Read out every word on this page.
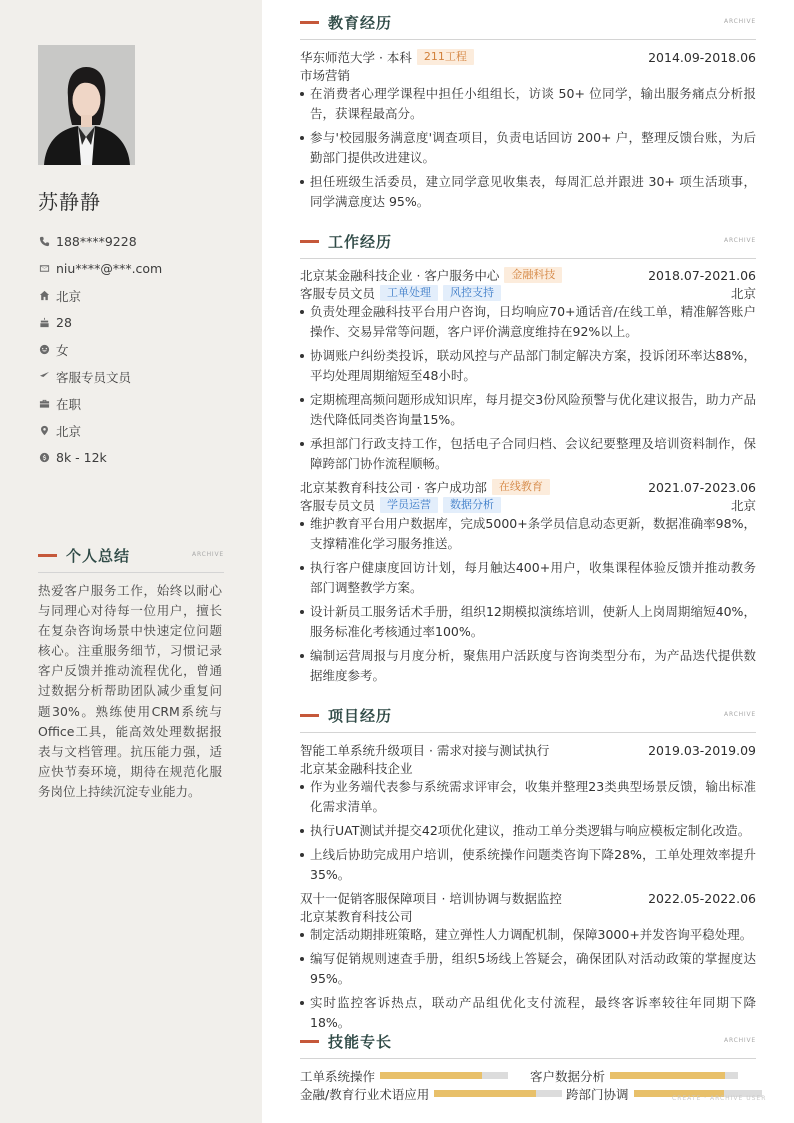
苏静静
188****9228
niu****@***.com
北京
28
女
客服专员文员
在职
北京
8k - 12k
个人总结	ARCHIVE
热爱客户服务工作，始终以耐心与同理心对待每一位用户，擅长在复杂咨询场景中快速定位问题核心。注重服务细节，习惯记录客户反馈并推动流程优化，曾通过数据分析帮助团队减少重复问题30%。熟练使用CRM系统与Office工具，能高效处理数据报表与文档管理。抗压能力强，适应快节奏环境，期待在规范化服务岗位上持续沉淀专业能力。
教育经历	ARCHIVE
华东师范大学 · 本科	211工程	2014.09-2018.06
市场营销
在消费者心理学课程中担任小组组长，访谈 50+ 位同学，输出服务痛点分析报告，获课程最高分。
参与'校园服务满意度'调查项目，负责电话回访 200+ 户，整理反馈台账，为后勤部门提供改进建议。
担任班级生活委员，建立同学意见收集表，每周汇总并跟进 30+ 项生活琐事，同学满意度达 95%。
工作经历	ARCHIVE
北京某金融科技企业 · 客户服务中心	金融科技	2018.07-2021.06
客服专员文员	工单处理	风控支持	北京
负责处理金融科技平台用户咨询，日均响应70+通话音/在线工单，精准解答账户操作、交易异常等问题，客户评价满意度维持在92%以上。
协调账户纠纷类投诉，联动风控与产品部门制定解决方案，投诉闭环率达88%，平均处理周期缩短至48小时。
定期梳理高频问题形成知识库，每月提交3份风险预警与优化建议报告，助力产品迭代降低同类咨询量15%。
承担部门行政支持工作，包括电子合同归档、会议纪要整理及培训资料制作，保障跨部门协作流程顺畅。
北京某教育科技公司 · 客户成功部	在线教育	2021.07-2023.06
客服专员文员	学员运营	数据分析	北京
维护教育平台用户数据库，完成5000+条学员信息动态更新，数据准确率98%，支撑精准化学习服务推送。
执行客户健康度回访计划，每月触达400+用户，收集课程体验反馈并推动教务部门调整教学方案。
设计新员工服务话术手册，组织12期模拟演练培训，使新人上岗周期缩短40%，服务标准化考核通过率100%。
编制运营周报与月度分析，聚焦用户活跃度与咨询类型分布，为产品迭代提供数据维度参考。
项目经历	ARCHIVE
智能工单系统升级项目 · 需求对接与测试执行	2019.03-2019.09
北京某金融科技企业
作为业务端代表参与系统需求评审会，收集并整理23类典型场景反馈，输出标准化需求清单。
执行UAT测试并提交42项优化建议，推动工单分类逻辑与响应模板定制化改造。
上线后协助完成用户培训，使系统操作问题类咨询下降28%，工单处理效率提升35%。
双十一促销客服保障项目 · 培训协调与数据监控	2022.05-2022.06
北京某教育科技公司
制定活动期排班策略，建立弹性人力调配机制，保障3000+并发咨询平稳处理。
编写促销规则速查手册，组织5场线上答疑会，确保团队对活动政策的掌握度达95%。
实时监控客诉热点，联动产品组优化支付流程，最终客诉率较往年同期下降18%。
技能专长	ARCHIVE
工单系统操作	客户数据分析
金融/教育行业术语应用	跨部门协调	CREATE · ARCHIVE USER
